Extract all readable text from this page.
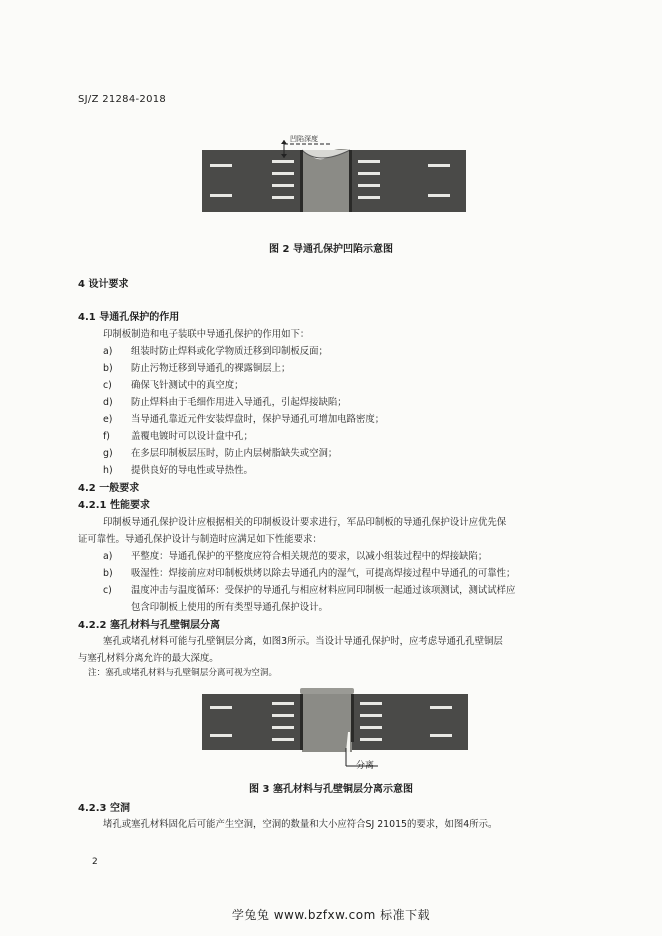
SJ/Z 21284-2018
凹陷深度
图 2 导通孔保护凹陷示意图
4 设计要求
4.1 导通孔保护的作用
印制板制造和电子装联中导通孔保护的作用如下：
a) 组装时防止焊料或化学物质迁移到印制板反面；
b) 防止污物迁移到导通孔的裸露铜层上；
c) 确保飞针测试中的真空度；
d) 防止焊料由于毛细作用进入导通孔，引起焊接缺陷；
e) 当导通孔靠近元件安装焊盘时，保护导通孔可增加电路密度；
f) 盖覆电镀时可以设计盘中孔；
g) 在多层印制板层压时，防止内层树脂缺失或空洞；
h) 提供良好的导电性或导热性。
4.2 一般要求
4.2.1 性能要求
印制板导通孔保护设计应根据相关的印制板设计要求进行，军品印制板的导通孔保护设计应优先保
证可靠性。导通孔保护设计与制造时应满足如下性能要求：
a) 平整度：导通孔保护的平整度应符合相关规范的要求，以减小组装过程中的焊接缺陷；
b) 吸湿性：焊接前应对印制板烘烤以除去导通孔内的湿气，可提高焊接过程中导通孔的可靠性；
c) 温度冲击与温度循环：受保护的导通孔与相应材料应同印制板一起通过该项测试，测试试样应
包含印制板上使用的所有类型导通孔保护设计。
4.2.2 塞孔材料与孔壁铜层分离
塞孔或堵孔材料可能与孔壁铜层分离，如图3所示。当设计导通孔保护时，应考虑导通孔孔壁铜层
与塞孔材料分离允许的最大深度。
注：塞孔或堵孔材料与孔壁铜层分离可视为空洞。
分离
图 3 塞孔材料与孔壁铜层分离示意图
4.2.3 空洞
堵孔或塞孔材料固化后可能产生空洞，空洞的数量和大小应符合SJ 21015的要求，如图4所示。
2
学兔兔 www.bzfxw.com 标准下载
